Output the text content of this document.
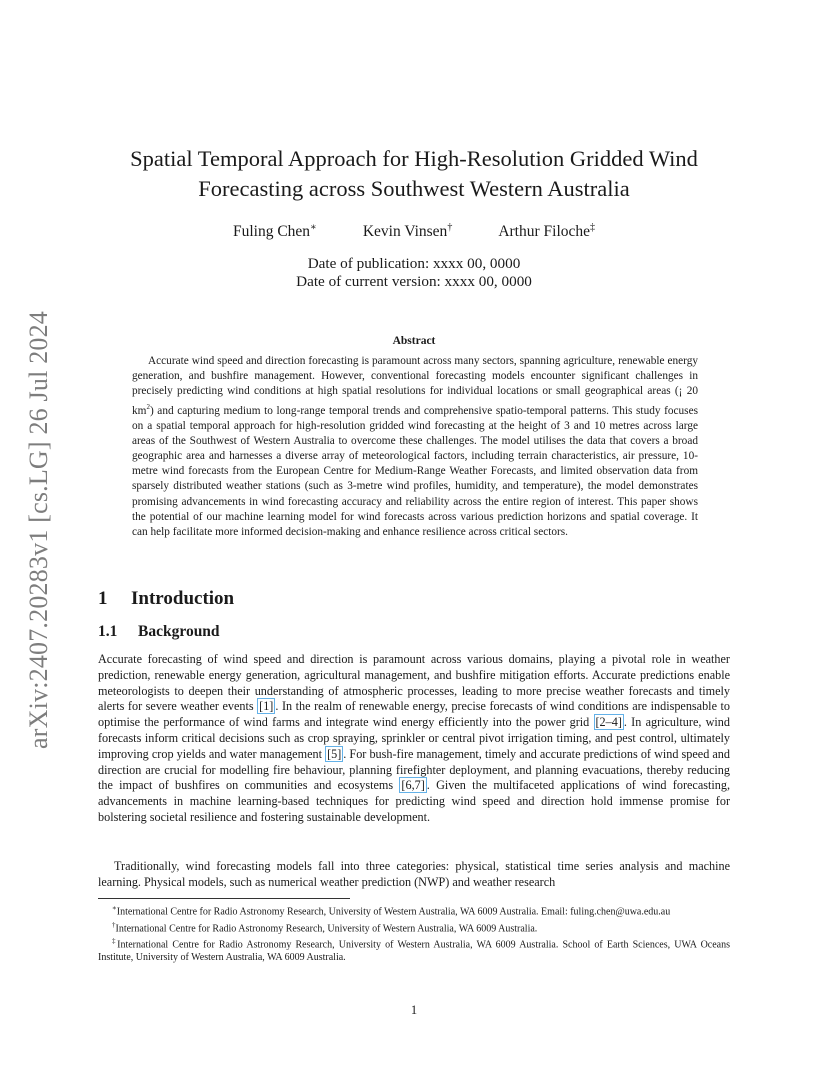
arXiv:2407.20283v1 [cs.LG] 26 Jul 2024
Spatial Temporal Approach for High-Resolution Gridded Wind Forecasting across Southwest Western Australia
Fuling Chen∗	Kevin Vinsen†	Arthur Filoche‡
Date of publication: xxxx 00, 0000
Date of current version: xxxx 00, 0000
Abstract

Accurate wind speed and direction forecasting is paramount across many sectors, spanning agriculture, renewable energy generation, and bushfire management. However, conventional forecasting models encounter significant challenges in precisely predicting wind conditions at high spatial resolutions for individual locations or small geographical areas (¡ 20 $km^2$) and capturing medium to long-range temporal trends and comprehensive spatio-temporal patterns. This study focuses on a spatial temporal approach for high-resolution gridded wind forecasting at the height of 3 and 10 metres across large areas of the Southwest of Western Australia to overcome these challenges. The model utilises the data that covers a broad geographic area and harnesses a diverse array of meteorological factors, including terrain characteristics, air pressure, 10-metre wind forecasts from the European Centre for Medium-Range Weather Forecasts, and limited observation data from sparsely distributed weather stations (such as 3-metre wind profiles, humidity, and temperature), the model demonstrates promising advancements in wind forecasting accuracy and reliability across the entire region of interest. This paper shows the potential of our machine learning model for wind forecasts across various prediction horizons and spatial coverage. It can help facilitate more informed decision-making and enhance resilience across critical sectors.

1 Introduction
1.1 Background

Accurate forecasting of wind speed and direction is paramount across various domains, playing a pivotal role in weather prediction, renewable energy generation, agricultural management, and bushfire mitigation efforts. Accurate predictions enable meteorologists to deepen their understanding of atmospheric processes, leading to more precise weather forecasts and timely alerts for severe weather events [1] . In the realm of renewable energy, precise forecasts of wind conditions are indispensable to optimise the performance of wind farms and integrate wind energy efficiently into the power grid [2–4] . In agriculture, wind forecasts inform critical decisions such as crop spraying, sprinkler or central pivot irrigation timing, and pest control, ultimately improving crop yields and water management [5] . For bush-fire management, timely and accurate predictions of wind speed and direction are crucial for modelling fire behaviour, planning firefighter deployment, and planning evacuations, thereby reducing the impact of bushfires on communities and ecosystems [6,7] . Given the multifaceted applications of wind forecasting, advancements in machine learning-based techniques for predicting wind speed and direction hold immense promise for bolstering societal resilience and fostering sustainable development.

Traditionally, wind forecasting models fall into three categories: physical, statistical time series analysis and machine learning. Physical models, such as numerical weather prediction (NWP) and weather research

∗International Centre for Radio Astronomy Research, University of Western Australia, WA 6009 Australia. Email: fuling.chen@uwa.edu.au

†International Centre for Radio Astronomy Research, University of Western Australia, WA 6009 Australia.

‡International Centre for Radio Astronomy Research, University of Western Australia, WA 6009 Australia. School of Earth Sciences, UWA Oceans Institute, University of Western Australia, WA 6009 Australia.

1
